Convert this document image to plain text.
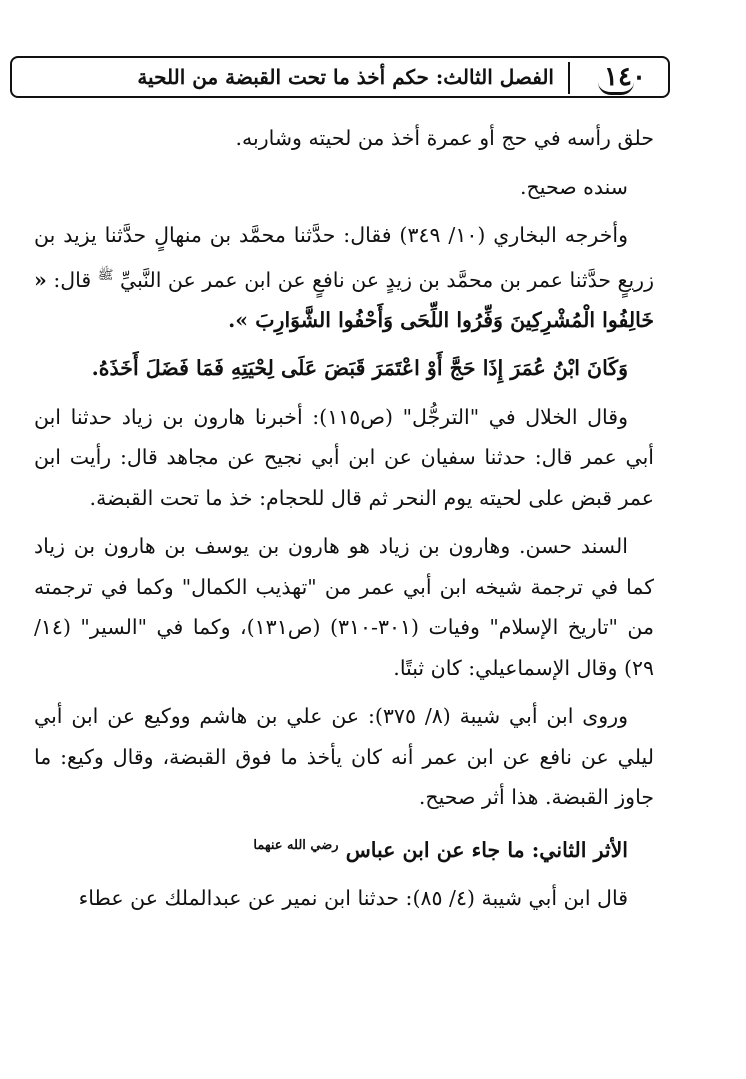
١٤٠
الفصل الثالث: حكم أخذ ما تحت القبضة من اللحية

حلق رأسه في حج أو عمرة أخذ من لحيته وشاربه.

سنده صحيح.

وأخرجه البخاري (١٠/ ٣٤٩) فقال: حدَّثنا محمَّد بن منهالٍ حدَّثنا يزيد بن زريعٍ حدَّثنا عمر بن محمَّد بن زيدٍ عن نافعٍ عن ابن عمر عن النَّبيِّ $^ﷺ$ قال: « خَالِفُوا الْمُشْرِكِينَ وَفِّرُوا اللِّحَى وَأَحْفُوا الشَّوَارِبَ ».

وَكَانَ ابْنُ عُمَرَ إِذَا حَجَّ أَوْ اعْتَمَرَ قَبَضَ عَلَى لِحْيَتِهِ فَمَا فَضَلَ أَخَذَهُ.

وقال الخلال في "الترجُّل" (ص١١٥): أخبرنا هارون بن زياد حدثنا ابن أبي عمر قال: حدثنا سفيان عن ابن أبي نجيح عن مجاهد قال: رأيت ابن عمر قبض على لحيته يوم النحر ثم قال للحجام: خذ ما تحت القبضة.

السند حسن. وهارون بن زياد هو هارون بن يوسف بن هارون بن زياد كما في ترجمة شيخه ابن أبي عمر من "تهذيب الكمال" وكما في ترجمته من "تاريخ الإسلام" وفيات (٣٠١-٣١٠) (ص١٣١)، وكما في "السير" (١٤/ ٢٩) وقال الإسماعيلي: كان ثبتًا.

وروى ابن أبي شيبة (٨/ ٣٧٥): عن علي بن هاشم ووكيع عن ابن أبي ليلي عن نافع عن ابن عمر أنه كان يأخذ ما فوق القبضة، وقال وكيع: ما جاوز القبضة. هذا أثر صحيح.

الأثر الثاني: ما جاء عن ابن عباس $^{رضي الله عنهما}$

قال ابن أبي شيبة (٤/ ٨٥): حدثنا ابن نمير عن عبدالملك عن عطاء
